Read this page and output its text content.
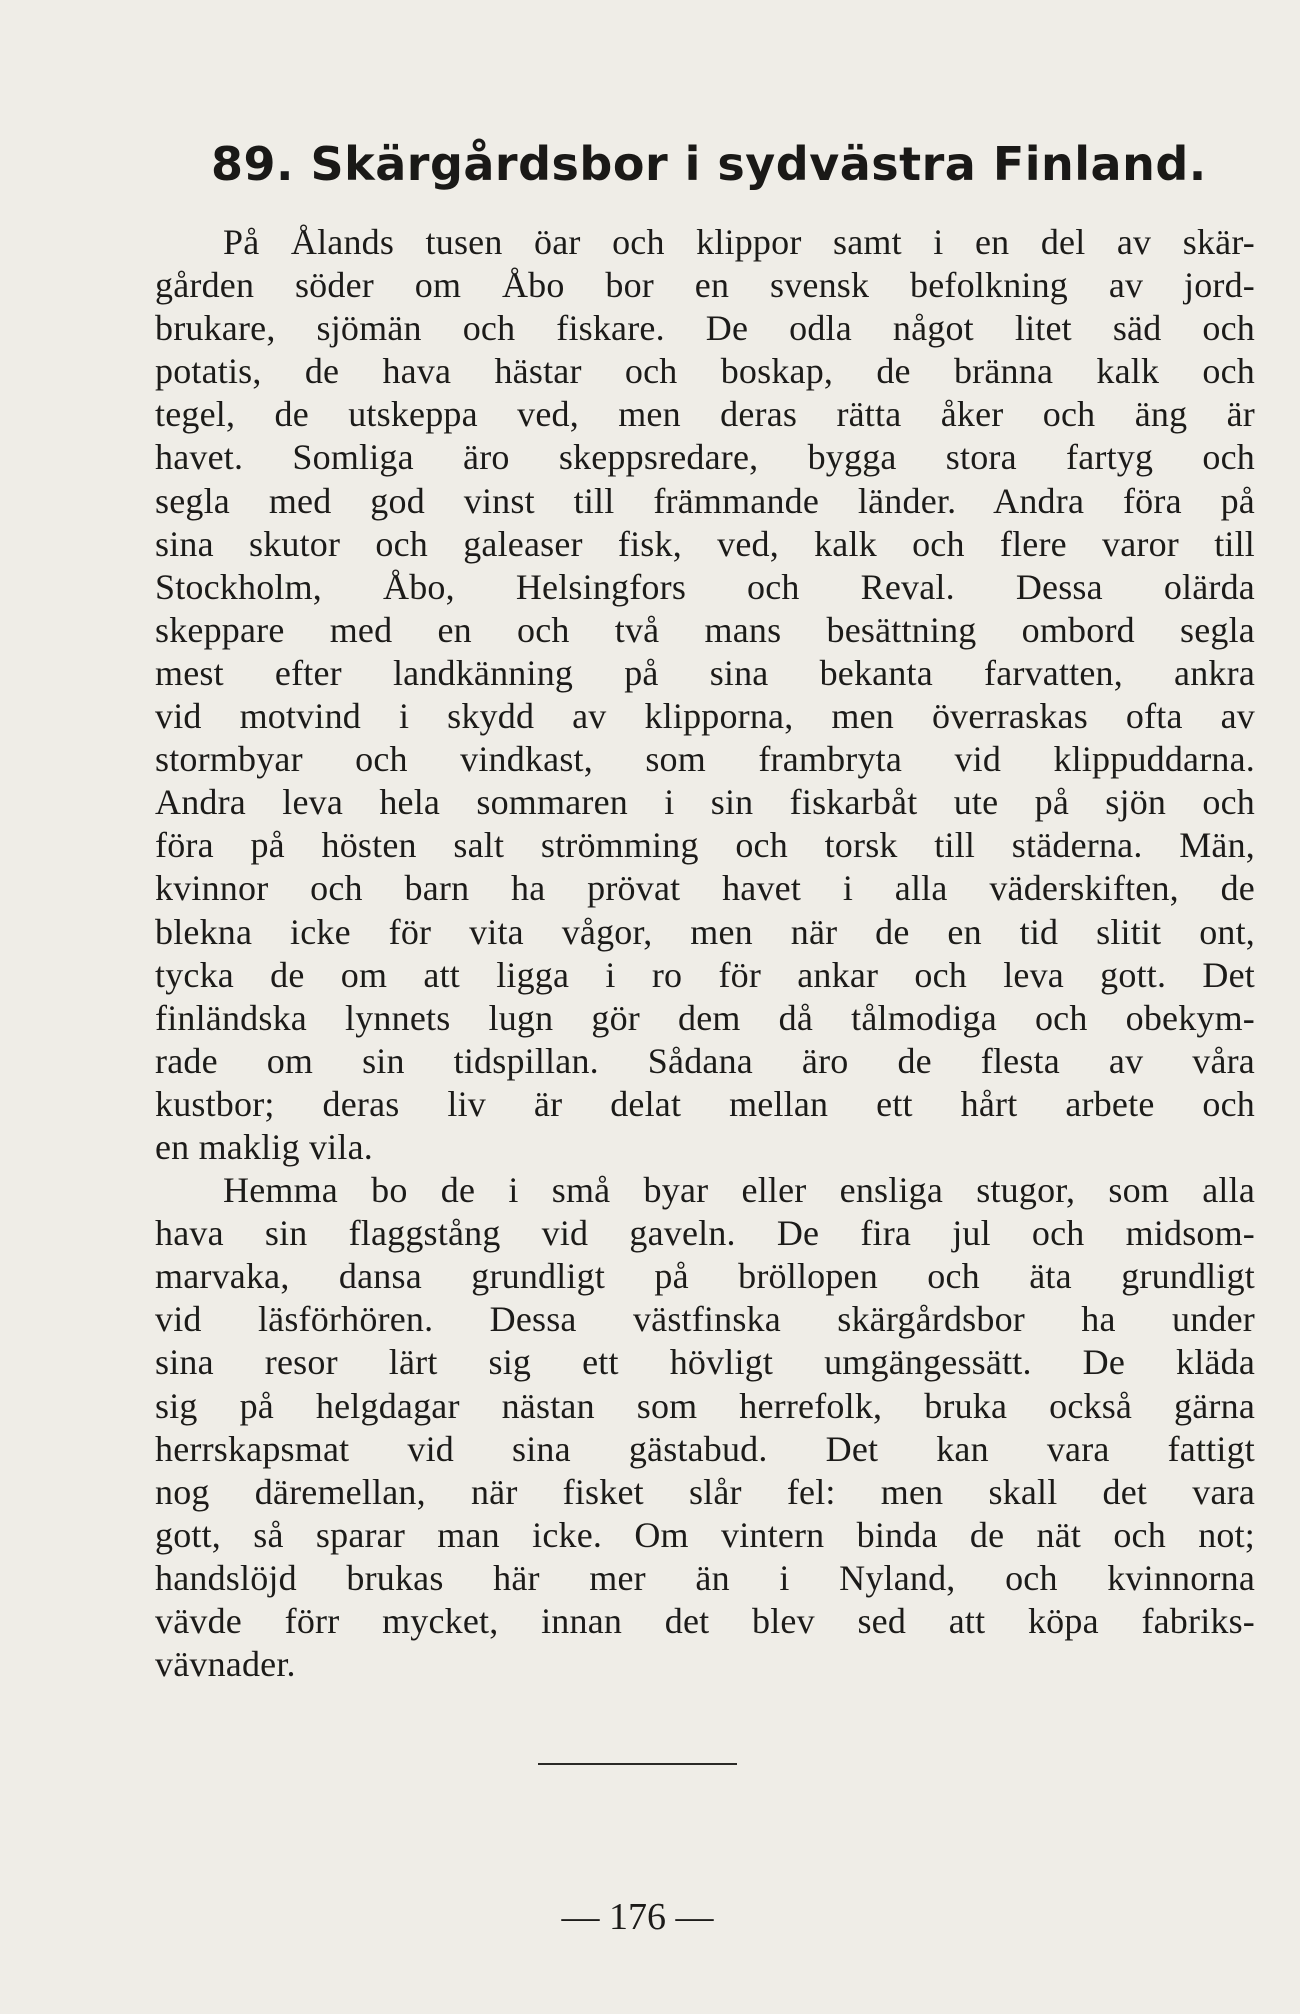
89. Skärgårdsbor i sydvästra Finland.
På Ålands tusen öar och klippor samt i en del av skär-
gården söder om Åbo bor en svensk befolkning av jord-
brukare, sjömän och fiskare. De odla något litet säd och
potatis, de hava hästar och boskap, de bränna kalk och
tegel, de utskeppa ved, men deras rätta åker och äng är
havet. Somliga äro skeppsredare, bygga stora fartyg och
segla med god vinst till främmande länder. Andra föra på
sina skutor och galeaser fisk, ved, kalk och flere varor till
Stockholm, Åbo, Helsingfors och Reval. Dessa olärda
skeppare med en och två mans besättning ombord segla
mest efter landkänning på sina bekanta farvatten, ankra
vid motvind i skydd av klipporna, men överraskas ofta av
stormbyar och vindkast, som frambryta vid klippuddarna.
Andra leva hela sommaren i sin fiskarbåt ute på sjön och
föra på hösten salt strömming och torsk till städerna. Män,
kvinnor och barn ha prövat havet i alla väderskiften, de
blekna icke för vita vågor, men när de en tid slitit ont,
tycka de om att ligga i ro för ankar och leva gott. Det
finländska lynnets lugn gör dem då tålmodiga och obekym-
rade om sin tidspillan. Sådana äro de flesta av våra
kustbor; deras liv är delat mellan ett hårt arbete och
en maklig vila.
Hemma bo de i små byar eller ensliga stugor, som alla
hava sin flaggstång vid gaveln. De fira jul och midsom-
marvaka, dansa grundligt på bröllopen och äta grundligt
vid läsförhören. Dessa västfinska skärgårdsbor ha under
sina resor lärt sig ett hövligt umgängessätt. De kläda
sig på helgdagar nästan som herrefolk, bruka också gärna
herrskapsmat vid sina gästabud. Det kan vara fattigt
nog däremellan, när fisket slår fel: men skall det vara
gott, så sparar man icke. Om vintern binda de nät och not;
handslöjd brukas här mer än i Nyland, och kvinnorna
vävde förr mycket, innan det blev sed att köpa fabriks-
vävnader.
— 176 —
